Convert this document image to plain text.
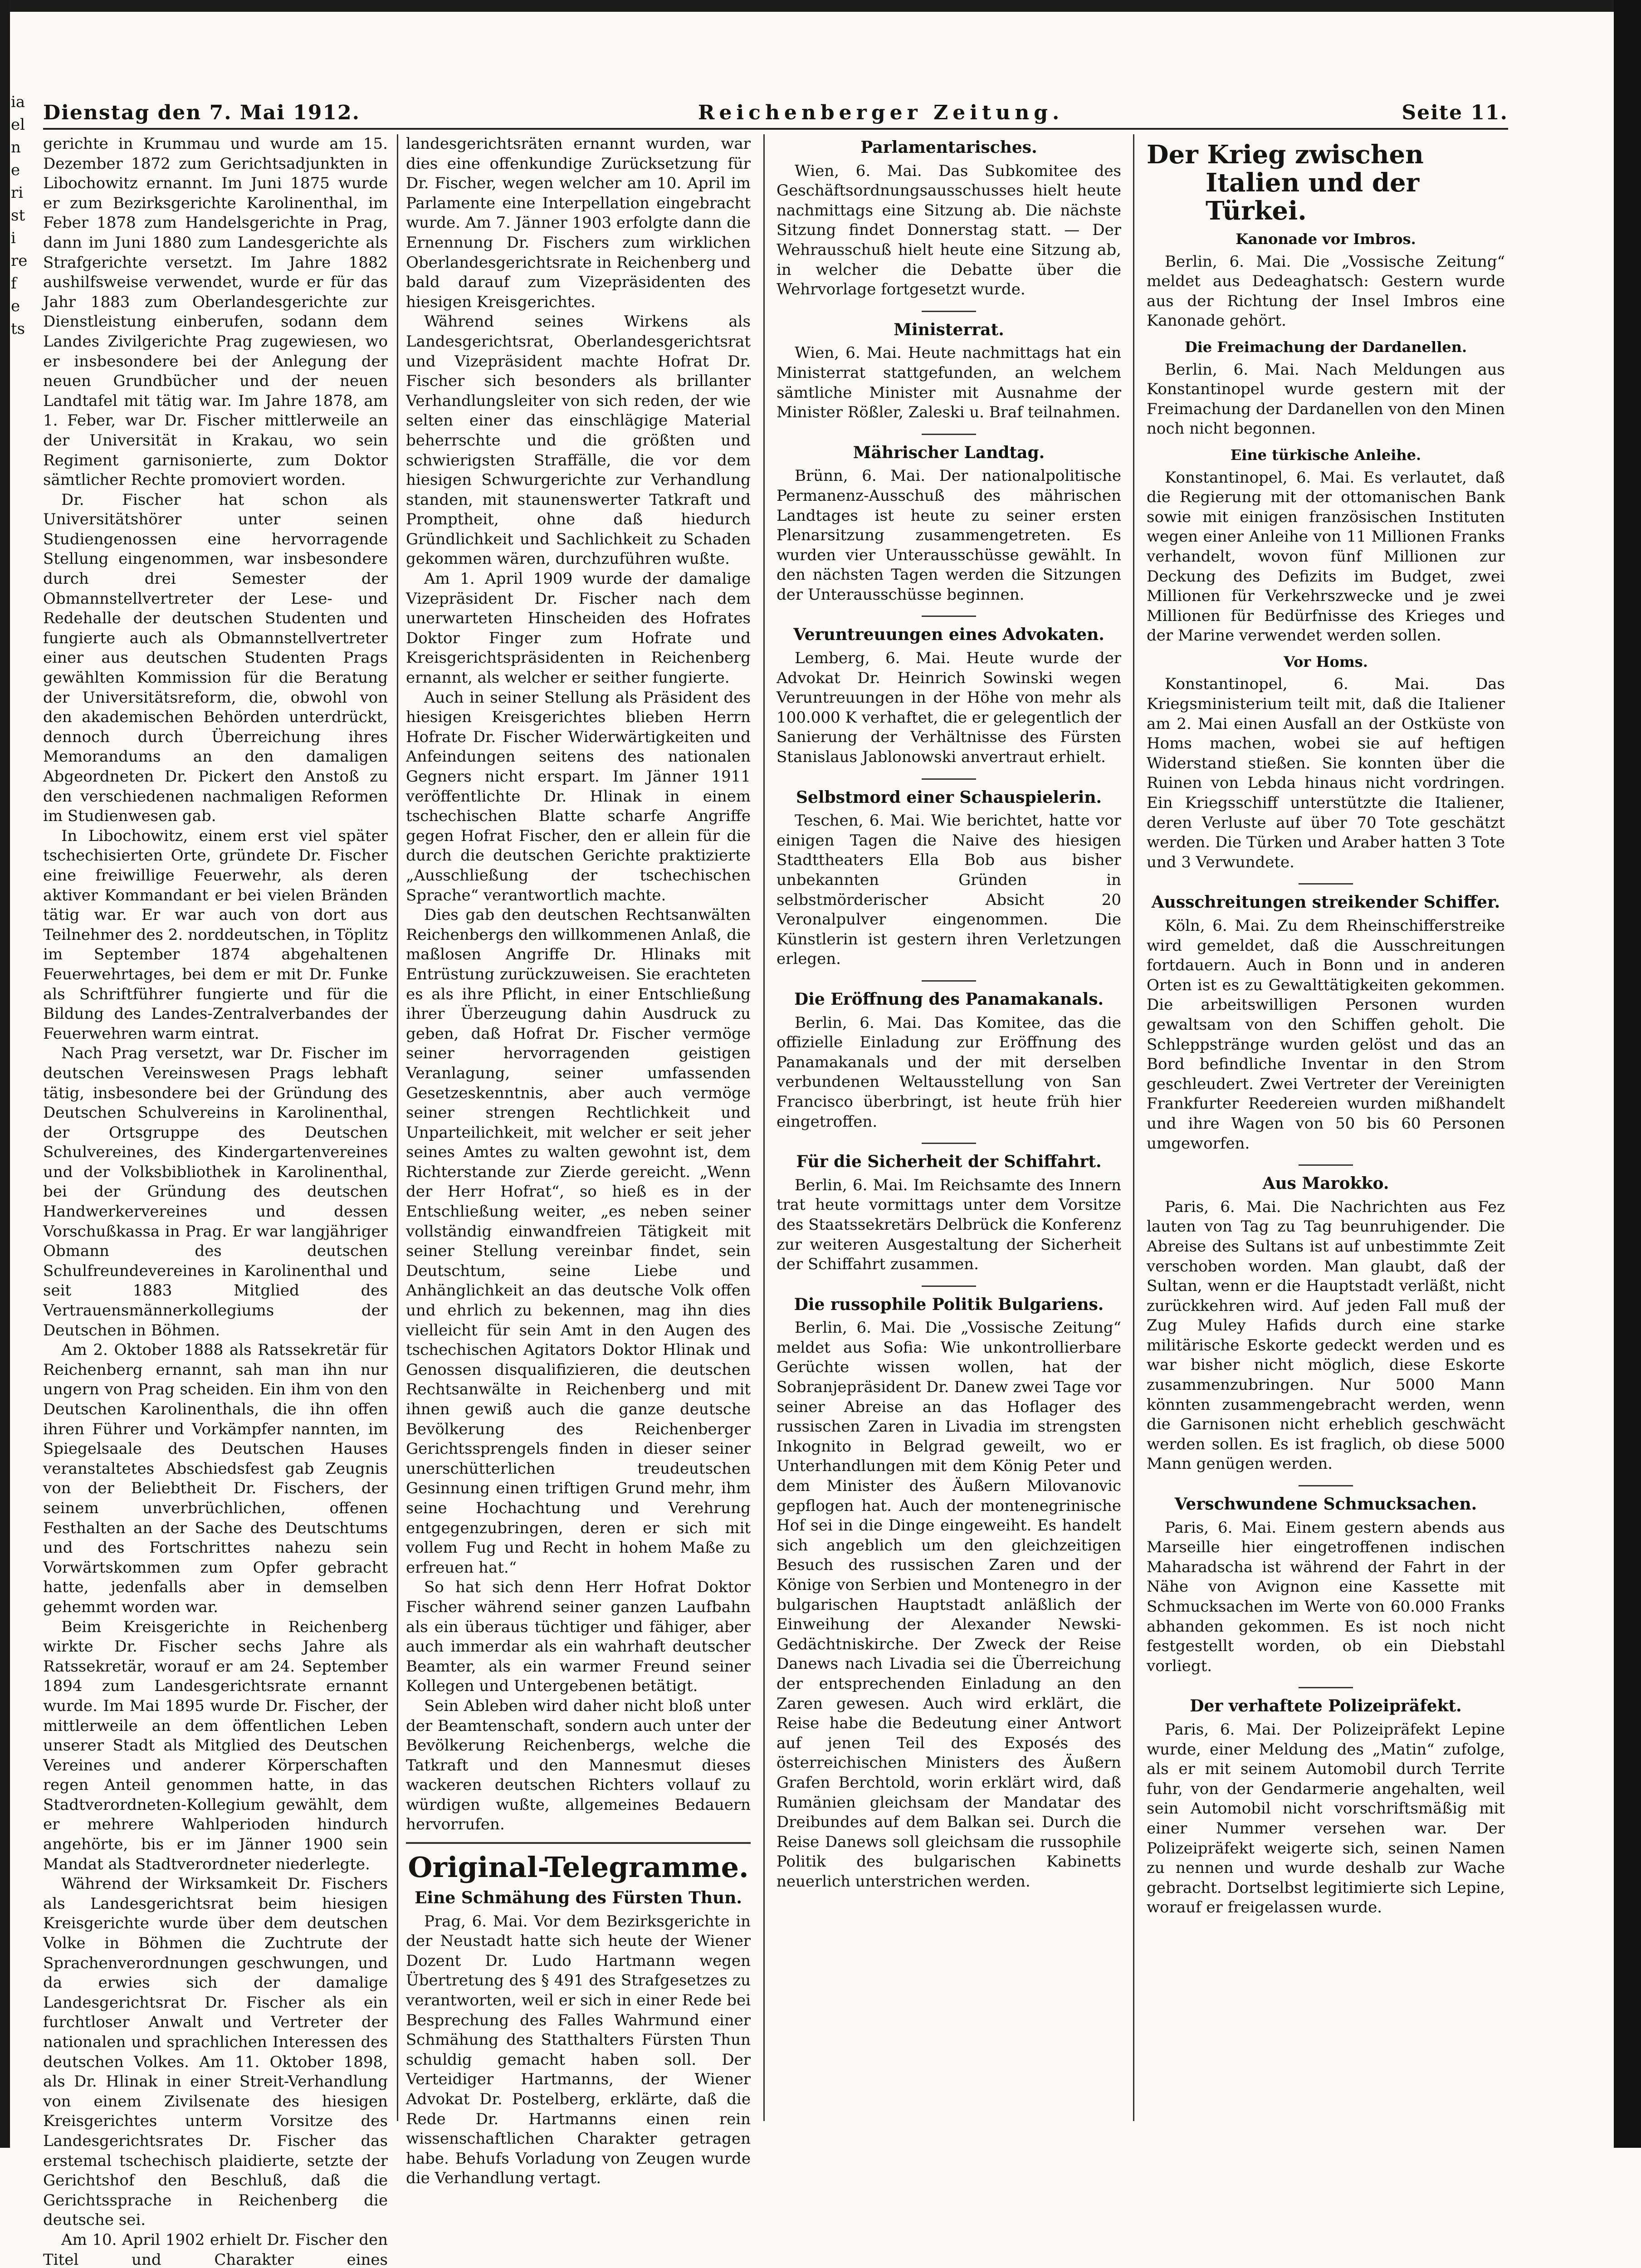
ia
el
n
e
ri
st
i
re
f
e
ts
Dienstag den 7. Mai 1912.	Reichenberger Zeitung.	Seite 11.

gerichte in Krummau und wurde am 15. Dezember 1872 zum Gerichtsadjunkten in Libochowitz ernannt. Im Juni 1875 wurde er zum Bezirksgerichte Karolinenthal, im Feber 1878 zum Handelsgerichte in Prag, dann im Juni 1880 zum Landesgerichte als Strafgerichte versetzt. Im Jahre 1882 aushilfsweise verwendet, wurde er für das Jahr 1883 zum Oberlandesgerichte zur Dienstleistung einberufen, sodann dem Landes Zivilgerichte Prag zugewiesen, wo er insbesondere bei der Anlegung der neuen Grundbücher und der neuen Landtafel mit tätig war. Im Jahre 1878, am 1. Feber, war Dr. Fischer mittlerweile an der Universität in Krakau, wo sein Regiment garnisonierte, zum Doktor sämtlicher Rechte promoviert worden.

Dr. Fischer hat schon als Universitätshörer unter seinen Studiengenossen eine hervorragende Stellung eingenommen, war insbesondere durch drei Semester der Obmannstellvertreter der Lese- und Redehalle der deutschen Studenten und fungierte auch als Obmannstellvertreter einer aus deutschen Studenten Prags gewählten Kommission für die Beratung der Universitätsreform, die, obwohl von den akademischen Behörden unterdrückt, dennoch durch Überreichung ihres Memorandums an den damaligen Abgeordneten Dr. Pickert den Anstoß zu den verschiedenen nachmaligen Reformen im Studienwesen gab.

In Libochowitz, einem erst viel später tschechisierten Orte, gründete Dr. Fischer eine freiwillige Feuerwehr, als deren aktiver Kommandant er bei vielen Bränden tätig war. Er war auch von dort aus Teilnehmer des 2. norddeutschen, in Töplitz im September 1874 abgehaltenen Feuerwehrtages, bei dem er mit Dr. Funke als Schriftführer fungierte und für die Bildung des Landes-Zentralverbandes der Feuerwehren warm eintrat.

Nach Prag versetzt, war Dr. Fischer im deutschen Vereinswesen Prags lebhaft tätig, insbesondere bei der Gründung des Deutschen Schulvereins in Karolinenthal, der Ortsgruppe des Deutschen Schulvereines, des Kindergartenvereines und der Volksbibliothek in Karolinenthal, bei der Gründung des deutschen Handwerkervereines und dessen Vorschußkassa in Prag. Er war langjähriger Obmann des deutschen Schulfreundevereines in Karolinenthal und seit 1883 Mitglied des Vertrauensmännerkollegiums der Deutschen in Böhmen.

Am 2. Oktober 1888 als Ratssekretär für Reichenberg ernannt, sah man ihn nur ungern von Prag scheiden. Ein ihm von den Deutschen Karolinenthals, die ihn offen ihren Führer und Vorkämpfer nannten, im Spiegelsaale des Deutschen Hauses veranstaltetes Abschiedsfest gab Zeugnis von der Beliebtheit Dr. Fischers, der seinem unverbrüchlichen, offenen Festhalten an der Sache des Deutschtums und des Fortschrittes nahezu sein Vorwärtskommen zum Opfer gebracht hatte, jedenfalls aber in demselben gehemmt worden war.

Beim Kreisgerichte in Reichenberg wirkte Dr. Fischer sechs Jahre als Ratssekretär, worauf er am 24. September 1894 zum Landesgerichtsrate ernannt wurde. Im Mai 1895 wurde Dr. Fischer, der mittlerweile an dem öffentlichen Leben unserer Stadt als Mitglied des Deutschen Vereines und anderer Körperschaften regen Anteil genommen hatte, in das Stadtverordneten-Kollegium gewählt, dem er mehrere Wahlperioden hindurch angehörte, bis er im Jänner 1900 sein Mandat als Stadtverordneter niederlegte.

Während der Wirksamkeit Dr. Fischers als Landesgerichtsrat beim hiesigen Kreisgerichte wurde über dem deutschen Volke in Böhmen die Zuchtrute der Sprachenverordnungen geschwungen, und da erwies sich der damalige Landesgerichtsrat Dr. Fischer als ein furchtloser Anwalt und Vertreter der nationalen und sprachlichen Interessen des deutschen Volkes. Am 11. Oktober 1898, als Dr. Hlinak in einer Streit-Verhandlung von einem Zivilsenate des hiesigen Kreisgerichtes unterm Vorsitze des Landesgerichtsrates Dr. Fischer das erstemal tschechisch plaidierte, setzte der Gerichtshof den Beschluß, daß die Gerichtssprache in Reichenberg die deutsche sei.

Am 10. April 1902 erhielt Dr. Fischer den Titel und Charakter eines

landesgerichtsräten ernannt wurden, war dies eine offenkundige Zurücksetzung für Dr. Fischer, wegen welcher am 10. April im Parlamente eine Interpellation eingebracht wurde. Am 7. Jänner 1903 erfolgte dann die Ernennung Dr. Fischers zum wirklichen Oberlandesgerichtsrate in Reichenberg und bald darauf zum Vizepräsidenten des hiesigen Kreisgerichtes.

Während seines Wirkens als Landesgerichtsrat, Oberlandesgerichtsrat und Vizepräsident machte Hofrat Dr. Fischer sich besonders als brillanter Verhandlungsleiter von sich reden, der wie selten einer das einschlägige Material beherrschte und die größten und schwierigsten Straffälle, die vor dem hiesigen Schwurgerichte zur Verhandlung standen, mit staunenswerter Tatkraft und Promptheit, ohne daß hiedurch Gründlichkeit und Sachlichkeit zu Schaden gekommen wären, durchzuführen wußte.

Am 1. April 1909 wurde der damalige Vizepräsident Dr. Fischer nach dem unerwarteten Hinscheiden des Hofrates Doktor Finger zum Hofrate und Kreisgerichtspräsidenten in Reichenberg ernannt, als welcher er seither fungierte.

Auch in seiner Stellung als Präsident des hiesigen Kreisgerichtes blieben Herrn Hofrate Dr. Fischer Widerwärtigkeiten und Anfeindungen seitens des nationalen Gegners nicht erspart. Im Jänner 1911 veröffentlichte Dr. Hlinak in einem tschechischen Blatte scharfe Angriffe gegen Hofrat Fischer, den er allein für die durch die deutschen Gerichte praktizierte „Ausschließung der tschechischen Sprache“ verantwortlich machte.

Dies gab den deutschen Rechtsanwälten Reichenbergs den willkommenen Anlaß, die maßlosen Angriffe Dr. Hlinaks mit Entrüstung zurückzuweisen. Sie erachteten es als ihre Pflicht, in einer Entschließung ihrer Überzeugung dahin Ausdruck zu geben, daß Hofrat Dr. Fischer vermöge seiner hervorragenden geistigen Veranlagung, seiner umfassenden Gesetzeskenntnis, aber auch vermöge seiner strengen Rechtlichkeit und Unparteilichkeit, mit welcher er seit jeher seines Amtes zu walten gewohnt ist, dem Richterstande zur Zierde gereicht. „Wenn der Herr Hofrat“, so hieß es in der Entschließung weiter, „es neben seiner vollständig einwandfreien Tätigkeit mit seiner Stellung vereinbar findet, sein Deutschtum, seine Liebe und Anhänglichkeit an das deutsche Volk offen und ehrlich zu bekennen, mag ihn dies vielleicht für sein Amt in den Augen des tschechischen Agitators Doktor Hlinak und Genossen disqualifizieren, die deutschen Rechtsanwälte in Reichenberg und mit ihnen gewiß auch die ganze deutsche Bevölkerung des Reichenberger Gerichtssprengels finden in dieser seiner unerschütterlichen treudeutschen Gesinnung einen triftigen Grund mehr, ihm seine Hochachtung und Verehrung entgegenzubringen, deren er sich mit vollem Fug und Recht in hohem Maße zu erfreuen hat.“

So hat sich denn Herr Hofrat Doktor Fischer während seiner ganzen Laufbahn als ein überaus tüchtiger und fähiger, aber auch immerdar als ein wahrhaft deutscher Beamter, als ein warmer Freund seiner Kollegen und Untergebenen betätigt.

Sein Ableben wird daher nicht bloß unter der Beamtenschaft, sondern auch unter der Bevölkerung Reichenbergs, welche die Tatkraft und den Mannesmut dieses wackeren deutschen Richters vollauf zu würdigen wußte, allgemeines Bedauern hervorrufen.

Original-Telegramme.
Eine Schmähung des Fürsten Thun.

Prag, 6. Mai. Vor dem Bezirksgerichte in der Neustadt hatte sich heute der Wiener Dozent Dr. Ludo Hartmann wegen Übertretung des § 491 des Strafgesetzes zu verantworten, weil er sich in einer Rede bei Besprechung des Falles Wahrmund einer Schmähung des Statthalters Fürsten Thun schuldig gemacht haben soll. Der Verteidiger Hartmanns, der Wiener Advokat Dr. Postelberg, erklärte, daß die Rede Dr. Hartmanns einen rein wissenschaftlichen Charakter getragen habe. Behufs Vorladung von Zeugen wurde die Verhandlung vertagt.

Parlamentarisches.

Wien, 6. Mai. Das Subkomitee des Geschäftsordnungsausschusses hielt heute nachmittags eine Sitzung ab. Die nächste Sitzung findet Donnerstag statt. — Der Wehrausschuß hielt heute eine Sitzung ab, in welcher die Debatte über die Wehrvorlage fortgesetzt wurde.

Ministerrat.

Wien, 6. Mai. Heute nachmittags hat ein Ministerrat stattgefunden, an welchem sämtliche Minister mit Ausnahme der Minister Rößler, Zaleski u. Braf teilnahmen.

Mährischer Landtag.

Brünn, 6. Mai. Der nationalpolitische Permanenz-Ausschuß des mährischen Landtages ist heute zu seiner ersten Plenarsitzung zusammengetreten. Es wurden vier Unterausschüsse gewählt. In den nächsten Tagen werden die Sitzungen der Unterausschüsse beginnen.

Veruntreuungen eines Advokaten.

Lemberg, 6. Mai. Heute wurde der Advokat Dr. Heinrich Sowinski wegen Veruntreuungen in der Höhe von mehr als 100.000 K verhaftet, die er gelegentlich der Sanierung der Verhältnisse des Fürsten Stanislaus Jablonowski anvertraut erhielt.

Selbstmord einer Schauspielerin.

Teschen, 6. Mai. Wie berichtet, hatte vor einigen Tagen die Naive des hiesigen Stadttheaters Ella Bob aus bisher unbekannten Gründen in selbstmörderischer Absicht 20 Veronalpulver eingenommen. Die Künstlerin ist gestern ihren Verletzungen erlegen.

Die Eröffnung des Panamakanals.

Berlin, 6. Mai. Das Komitee, das die offizielle Einladung zur Eröffnung des Panamakanals und der mit derselben verbundenen Weltausstellung von San Francisco überbringt, ist heute früh hier eingetroffen.

Für die Sicherheit der Schiffahrt.

Berlin, 6. Mai. Im Reichsamte des Innern trat heute vormittags unter dem Vorsitze des Staatssekretärs Delbrück die Konferenz zur weiteren Ausgestaltung der Sicherheit der Schiffahrt zusammen.

Die russophile Politik Bulgariens.

Berlin, 6. Mai. Die „Vossische Zeitung“ meldet aus Sofia: Wie unkontrollierbare Gerüchte wissen wollen, hat der Sobranjepräsident Dr. Danew zwei Tage vor seiner Abreise an das Hoflager des russischen Zaren in Livadia im strengsten Inkognito in Belgrad geweilt, wo er Unterhandlungen mit dem König Peter und dem Minister des Äußern Milovanovic gepflogen hat. Auch der montenegrinische Hof sei in die Dinge eingeweiht. Es handelt sich angeblich um den gleichzeitigen Besuch des russischen Zaren und der Könige von Serbien und Montenegro in der bulgarischen Hauptstadt anläßlich der Einweihung der Alexander Newski-Gedächtniskirche. Der Zweck der Reise Danews nach Livadia sei die Überreichung der entsprechenden Einladung an den Zaren gewesen. Auch wird erklärt, die Reise habe die Bedeutung einer Antwort auf jenen Teil des Exposés des österreichischen Ministers des Äußern Grafen Berchtold, worin erklärt wird, daß Rumänien gleichsam der Mandatar des Dreibundes auf dem Balkan sei. Durch die Reise Danews soll gleichsam die russophile Politik des bulgarischen Kabinetts neuerlich unterstrichen werden.

Der Krieg zwischen
Italien und der Türkei.
Kanonade vor Imbros.

Berlin, 6. Mai. Die „Vossische Zeitung“ meldet aus Dedeaghatsch: Gestern wurde aus der Richtung der Insel Imbros eine Kanonade gehört.

Die Freimachung der Dardanellen.

Berlin, 6. Mai. Nach Meldungen aus Konstantinopel wurde gestern mit der Freimachung der Dardanellen von den Minen noch nicht begonnen.

Eine türkische Anleihe.

Konstantinopel, 6. Mai. Es verlautet, daß die Regierung mit der ottomanischen Bank sowie mit einigen französischen Instituten wegen einer Anleihe von 11 Millionen Franks verhandelt, wovon fünf Millionen zur Deckung des Defizits im Budget, zwei Millionen für Verkehrszwecke und je zwei Millionen für Bedürfnisse des Krieges und der Marine verwendet werden sollen.

Vor Homs.

Konstantinopel, 6. Mai. Das Kriegsministerium teilt mit, daß die Italiener am 2. Mai einen Ausfall an der Ostküste von Homs machen, wobei sie auf heftigen Widerstand stießen. Sie konnten über die Ruinen von Lebda hinaus nicht vordringen. Ein Kriegsschiff unterstützte die Italiener, deren Verluste auf über 70 Tote geschätzt werden. Die Türken und Araber hatten 3 Tote und 3 Verwundete.

Ausschreitungen streikender Schiffer.

Köln, 6. Mai. Zu dem Rheinschifferstreike wird gemeldet, daß die Ausschreitungen fortdauern. Auch in Bonn und in anderen Orten ist es zu Gewalttätigkeiten gekommen. Die arbeitswilligen Personen wurden gewaltsam von den Schiffen geholt. Die Schleppstränge wurden gelöst und das an Bord befindliche Inventar in den Strom geschleudert. Zwei Vertreter der Vereinigten Frankfurter Reedereien wurden mißhandelt und ihre Wagen von 50 bis 60 Personen umgeworfen.

Aus Marokko.

Paris, 6. Mai. Die Nachrichten aus Fez lauten von Tag zu Tag beunruhigender. Die Abreise des Sultans ist auf unbestimmte Zeit verschoben worden. Man glaubt, daß der Sultan, wenn er die Hauptstadt verläßt, nicht zurückkehren wird. Auf jeden Fall muß der Zug Muley Hafids durch eine starke militärische Eskorte gedeckt werden und es war bisher nicht möglich, diese Eskorte zusammenzubringen. Nur 5000 Mann könnten zusammengebracht werden, wenn die Garnisonen nicht erheblich geschwächt werden sollen. Es ist fraglich, ob diese 5000 Mann genügen werden.

Verschwundene Schmucksachen.

Paris, 6. Mai. Einem gestern abends aus Marseille hier eingetroffenen indischen Maharadscha ist während der Fahrt in der Nähe von Avignon eine Kassette mit Schmucksachen im Werte von 60.000 Franks abhanden gekommen. Es ist noch nicht festgestellt worden, ob ein Diebstahl vorliegt.

Der verhaftete Polizeipräfekt.

Paris, 6. Mai. Der Polizeipräfekt Lepine wurde, einer Meldung des „Matin“ zufolge, als er mit seinem Automobil durch Territe fuhr, von der Gendarmerie angehalten, weil sein Automobil nicht vorschriftsmäßig mit einer Nummer versehen war. Der Polizeipräfekt weigerte sich, seinen Namen zu nennen und wurde deshalb zur Wache gebracht. Dortselbst legitimierte sich Lepine, worauf er freigelassen wurde.
